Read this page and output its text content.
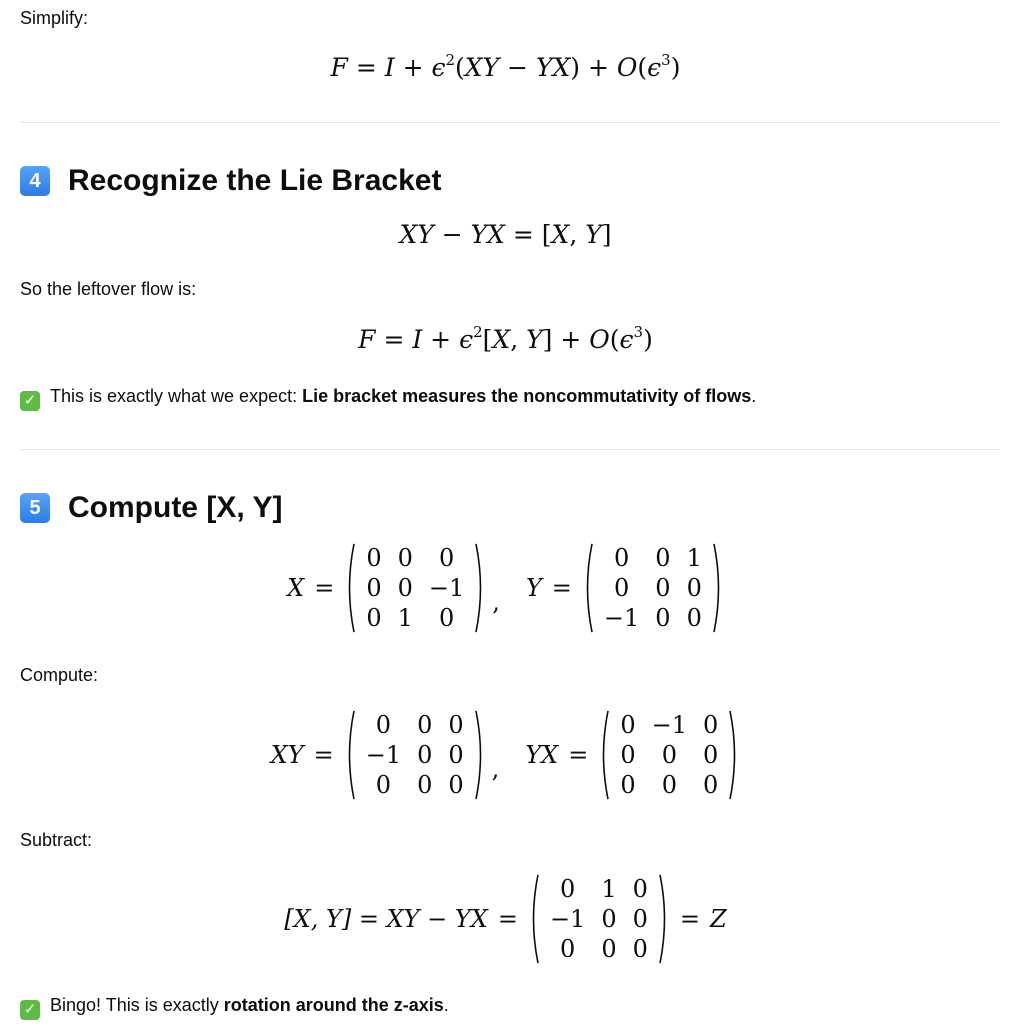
Simplify:

$F = I + \epsilon^2(XY - YX) + O(\epsilon^3)$
4 Recognize the Lie Bracket
XY − YX = [X, Y]

So the leftover flow is:

$F = I + \epsilon^2[X$, $Y] + O(\epsilon^3)$

✓ This is exactly what we expect: Lie bracket measures the noncommutativity of flows.

5 Compute [X, Y]
X =
0	0	0
0	0	−1
0	1	0
, Y =
0	0	1
0	0	0
−1	0	0

Compute:

XY =
0	0	0
−1	0	0
0	0	0
, YX =
0	−1	0
0	0	0
0	0	0

Subtract:

[X, Y] = XY − YX =
0	1	0
−1	0	0
0	0	0
= Z

✓ Bingo! This is exactly rotation around the z-axis.
